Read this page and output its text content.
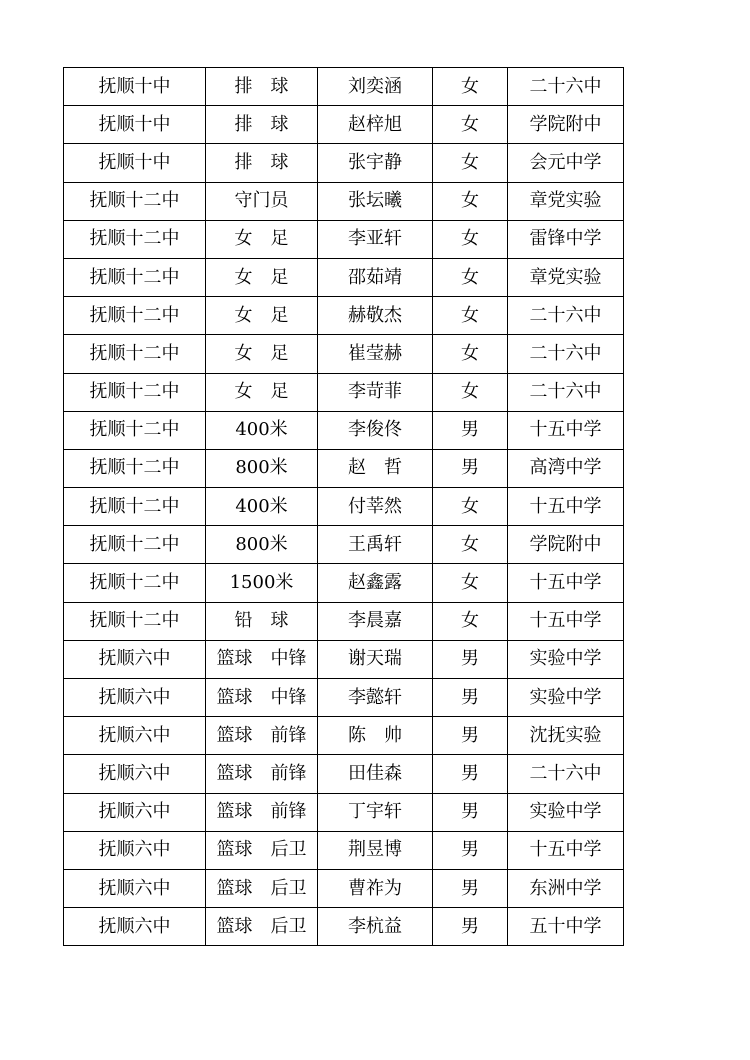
抚顺十中	排　球	刘奕涵	女	二十六中
抚顺十中	排　球	赵梓旭	女	学院附中
抚顺十中	排　球	张宇静	女	会元中学
抚顺十二中	守门员	张坛曦	女	章党实验
抚顺十二中	女　足	李亚轩	女	雷锋中学
抚顺十二中	女　足	邵茹靖	女	章党实验
抚顺十二中	女　足	赫敬杰	女	二十六中
抚顺十二中	女　足	崔莹赫	女	二十六中
抚顺十二中	女　足	李苛菲	女	二十六中
抚顺十二中	400米	李俊佟	男	十五中学
抚顺十二中	800米	赵　哲	男	高湾中学
抚顺十二中	400米	付莘然	女	十五中学
抚顺十二中	800米	王禹轩	女	学院附中
抚顺十二中	1500米	赵鑫露	女	十五中学
抚顺十二中	铅　球	李晨嘉	女	十五中学
抚顺六中	篮球　中锋	谢天瑞	男	实验中学
抚顺六中	篮球　中锋	李懿轩	男	实验中学
抚顺六中	篮球　前锋	陈　帅	男	沈抚实验
抚顺六中	篮球　前锋	田佳森	男	二十六中
抚顺六中	篮球　前锋	丁宇轩	男	实验中学
抚顺六中	篮球　后卫	荆昱博	男	十五中学
抚顺六中	篮球　后卫	曹祚为	男	东洲中学
抚顺六中	篮球　后卫	李杭益	男	五十中学
